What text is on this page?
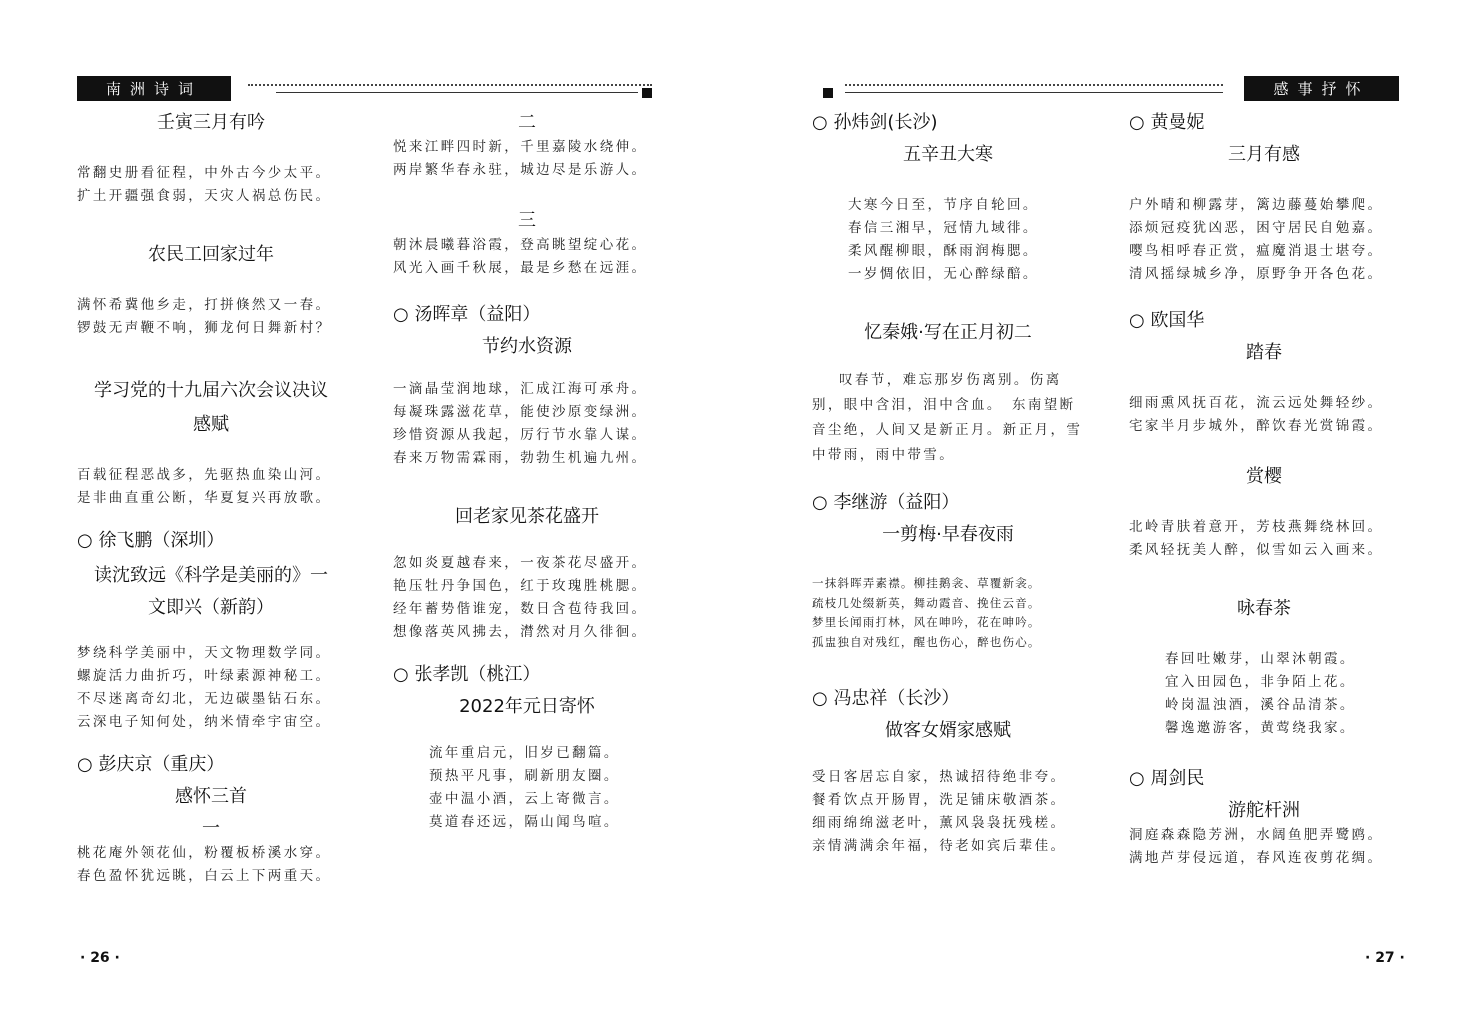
南洲诗词
壬寅三月有吟
常翻史册看征程，中外古今少太平。
扩土开疆强食弱，天灾人祸总伤民。
农民工回家过年
满怀希冀他乡走，打拼倏然又一春。
锣鼓无声鞭不响，狮龙何日舞新村？
学习党的十九届六次会议决议
感赋
百载征程恶战多，先驱热血染山河。
是非曲直重公断，华夏复兴再放歌。
○ 徐飞鹏（深圳）
读沈致远《科学是美丽的》一
文即兴（新韵）
梦绕科学美丽中，天文物理数学同。
螺旋活力曲折巧，叶绿素源神秘工。
不尽迷离奇幻北，无边碳墨钻石东。
云深电子知何处，纳米情牵宇宙空。
○ 彭庆京（重庆）
感怀三首
一
桃花庵外领花仙，粉覆板桥溪水穿。
春色盈怀犹远眺，白云上下两重天。
二
悦来江畔四时新，千里嘉陵水绕伸。
两岸繁华春永驻，城边尽是乐游人。
三
朝沐晨曦暮浴霞，登高眺望绽心花。
风光入画千秋展，最是乡愁在远涯。
○ 汤晖章（益阳）
节约水资源
一滴晶莹润地球，汇成江海可承舟。
每凝珠露滋花草，能使沙原变绿洲。
珍惜资源从我起，厉行节水靠人谋。
春来万物需霖雨，勃勃生机遍九州。
回老家见茶花盛开
忽如炎夏越春来，一夜茶花尽盛开。
艳压牡丹争国色，红于玫瑰胜桃腮。
经年蓄势偕谁宠，数日含苞待我回。
想像落英风拂去，潸然对月久徘徊。
○ 张孝凯（桃江）
2022年元日寄怀
流年重启元，旧岁已翻篇。
预热平凡事，刷新朋友圈。
壶中温小酒，云上寄微言。
莫道春还远，隔山闻鸟喧。
· 26 ·
感事抒怀
○ 孙炜剑(长沙)
五辛丑大寒
大寒今日至，节序自轮回。
春信三湘早，冠情九域徘。
柔风醒柳眼，酥雨润梅腮。
一岁惆依旧，无心醉绿醅。
忆秦娥·写在正月初二
叹春节，难忘那岁伤离别。伤离别，眼中含泪，泪中含血。　东南望断音尘绝，人间又是新正月。新正月，雪中带雨，雨中带雪。
○ 李继游（益阳）
一剪梅·早春夜雨
一抹斜晖弄素襟。柳挂鹅衾、草覆新衾。
疏枝几处缀新英，舞动霞音、挽住云音。
梦里长闻雨打林，风在呻吟，花在呻吟。
孤盅独自对残红，醒也伤心，醉也伤心。
○ 冯忠祥（长沙）
做客女婿家感赋
受日客居忘自家，热诚招待绝非夸。
餐肴饮点开肠胃，洗足铺床敬酒茶。
细雨绵绵滋老叶，薰风袅袅抚残槎。
亲情满满余年福，待老如宾后辈佳。
○ 黄曼妮
三月有感
户外晴和柳露芽，篱边藤蔓始攀爬。
添烦冠疫犹凶恶，困守居民自勉嘉。
嘤鸟相呼春正赏，瘟魔消退士堪夸。
清风摇绿城乡净，原野争开各色花。
○ 欧国华
踏春
细雨熏风抚百花，流云远处舞轻纱。
宅家半月步城外，醉饮春光赏锦霞。
赏樱
北岭青肤着意开，芳枝燕舞绕林回。
柔风轻抚美人醉，似雪如云入画来。
咏春茶
春回吐嫩芽，山翠沐朝霞。
宜入田园色，非争陌上花。
岭岗温浊酒，溪谷品清茶。
馨逸邀游客，黄莺绕我家。
○ 周剑民
游舵杆洲
洞庭森森隐芳洲，水阔鱼肥弄鹭鸥。
满地芦芽侵远道，春风连夜剪花绸。
· 27 ·
